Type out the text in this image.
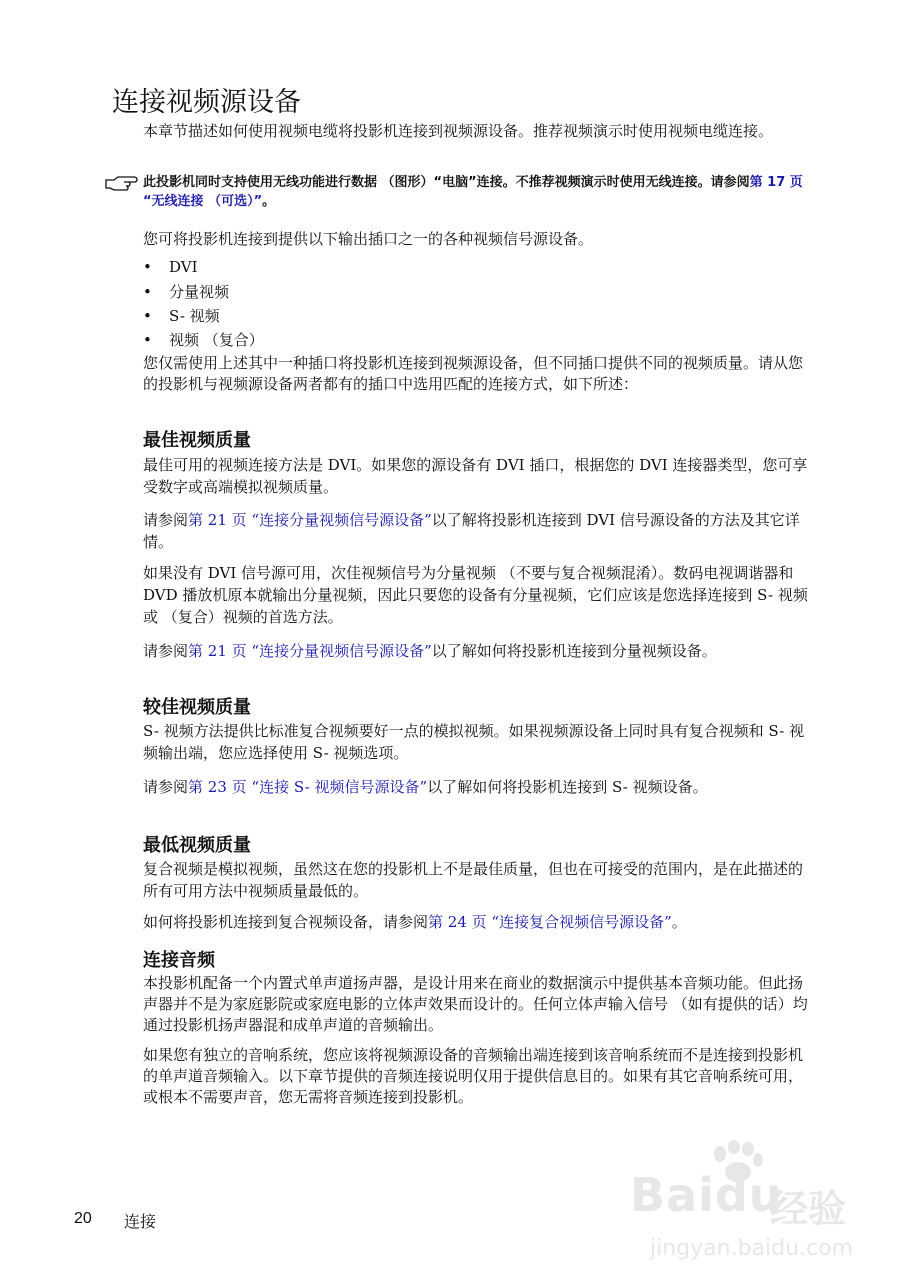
连接视频源设备
本章节描述如何使用视频电缆将投影机连接到视频源设备。推荐视频演示时使用视频电缆连接。
此投影机同时支持使用无线功能进行数据 （图形）“电脑”连接。不推荐视频演示时使用无线连接。请参阅第 17 页 “无线连接 （可选）”。
您可将投影机连接到提供以下输出插口之一的各种视频信号源设备。
• DVI
• 分量视频
• S- 视频
• 视频 （复合）
您仅需使用上述其中一种插口将投影机连接到视频源设备，但不同插口提供不同的视频质量。请从您的投影机与视频源设备两者都有的插口中选用匹配的连接方式，如下所述：
最佳视频质量
最佳可用的视频连接方法是 DVI。如果您的源设备有 DVI 插口，根据您的 DVI 连接器类型，您可享受数字或高端模拟视频质量。
请参阅第 21 页 “连接分量视频信号源设备”以了解将投影机连接到 DVI 信号源设备的方法及其它详情。
如果没有 DVI 信号源可用，次佳视频信号为分量视频 （不要与复合视频混淆）。数码电视调谐器和 DVD 播放机原本就输出分量视频，因此只要您的设备有分量视频，它们应该是您选择连接到 S- 视频或 （复合）视频的首选方法。
请参阅第 21 页 “连接分量视频信号源设备”以了解如何将投影机连接到分量视频设备。
较佳视频质量
S- 视频方法提供比标准复合视频要好一点的模拟视频。如果视频源设备上同时具有复合视频和 S- 视频输出端，您应选择使用 S- 视频选项。
请参阅第 23 页 “连接 S- 视频信号源设备”以了解如何将投影机连接到 S- 视频设备。
最低视频质量
复合视频是模拟视频，虽然这在您的投影机上不是最佳质量，但也在可接受的范围内，是在此描述的所有可用方法中视频质量最低的。
如何将投影机连接到复合视频设备，请参阅第 24 页 “连接复合视频信号源设备”。
连接音频
本投影机配备一个内置式单声道扬声器，是设计用来在商业的数据演示中提供基本音频功能。但此扬声器并不是为家庭影院或家庭电影的立体声效果而设计的。任何立体声输入信号 （如有提供的话）均通过投影机扬声器混和成单声道的音频输出。
如果您有独立的音响系统，您应该将视频源设备的音频输出端连接到该音响系统而不是连接到投影机的单声道音频输入。以下章节提供的音频连接说明仅用于提供信息目的。如果有其它音响系统可用，或根本不需要声音，您无需将音频连接到投影机。
20 连接	Baidu
经验
jingyan.baidu.com
